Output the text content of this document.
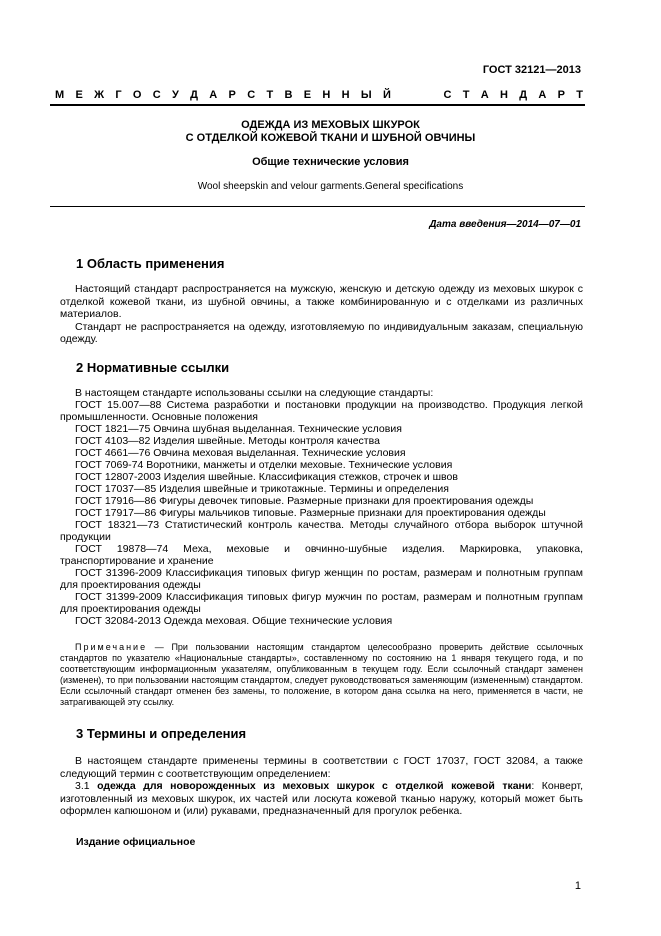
ГОСТ 32121—2013
М Е Ж Г О С У Д А Р С Т В Е Н Н Ы Й	С Т А Н Д А Р Т
ОДЕЖДА ИЗ МЕХОВЫХ ШКУРОК
С ОТДЕЛКОЙ КОЖЕВОЙ ТКАНИ И ШУБНОЙ ОВЧИНЫ
Общие технические условия
Wool sheepskin and velour garments.General specifications
Дата введения—2014—07—01
1 Область применения
Настоящий стандарт распространяется на мужскую, женскую и детскую одежду из меховых шкурок с отделкой кожевой ткани, из шубной овчины, а также комбинированную и с отделками из различных материалов.
Стандарт не распространяется на одежду, изготовляемую по индивидуальным заказам, специальную одежду.
2 Нормативные ссылки
В настоящем стандарте использованы ссылки на следующие стандарты:
ГОСТ 15.007—88 Система разработки и постановки продукции на производство. Продукция легкой промышленности. Основные положения
ГОСТ 1821—75 Овчина шубная выделанная. Технические условия
ГОСТ 4103—82 Изделия швейные. Методы контроля качества
ГОСТ 4661—76 Овчина меховая выделанная. Технические условия
ГОСТ 7069-74 Воротники, манжеты и отделки меховые. Технические условия
ГОСТ 12807-2003 Изделия швейные. Классификация стежков, строчек и швов
ГОСТ 17037—85 Изделия швейные и трикотажные. Термины и определения
ГОСТ 17916—86 Фигуры девочек типовые. Размерные признаки для проектирования одежды
ГОСТ 17917—86 Фигуры мальчиков типовые. Размерные признаки для проектирования одежды
ГОСТ 18321—73 Статистический контроль качества. Методы случайного отбора выборок штучной продукции
ГОСТ 19878—74 Меха, меховые и овчинно-шубные изделия. Маркировка, упаковка, транспортирование и хранение
ГОСТ 31396-2009 Классификация типовых фигур женщин по ростам, размерам и полнотным группам для проектирования одежды
ГОСТ 31399-2009 Классификация типовых фигур мужчин по ростам, размерам и полнотным группам для проектирования одежды
ГОСТ 32084-2013 Одежда меховая. Общие технические условия
Примечание — При пользовании настоящим стандартом целесообразно проверить действие ссылочных стандартов по указателю «Национальные стандарты», составленному по состоянию на 1 января текущего года, и по соответствующим информационным указателям, опубликованным в текущем году. Если ссылочный стандарт заменен (изменен), то при пользовании настоящим стандартом, следует руководствоваться заменяющим (измененным) стандартом. Если ссылочный стандарт отменен без замены, то положение, в котором дана ссылка на него, применяется в части, не затрагивающей эту ссылку.
3 Термины и определения
В настоящем стандарте применены термины в соответствии с ГОСТ 17037, ГОСТ 32084, а также следующий термин с соответствующим определением:
3.1 одежда для новорожденных из меховых шкурок с отделкой кожевой ткани: Конверт, изготовленный из меховых шкурок, их частей или лоскута кожевой тканью наружу, который может быть оформлен капюшоном и (или) рукавами, предназначенный для прогулок ребенка.
Издание официальное
1
